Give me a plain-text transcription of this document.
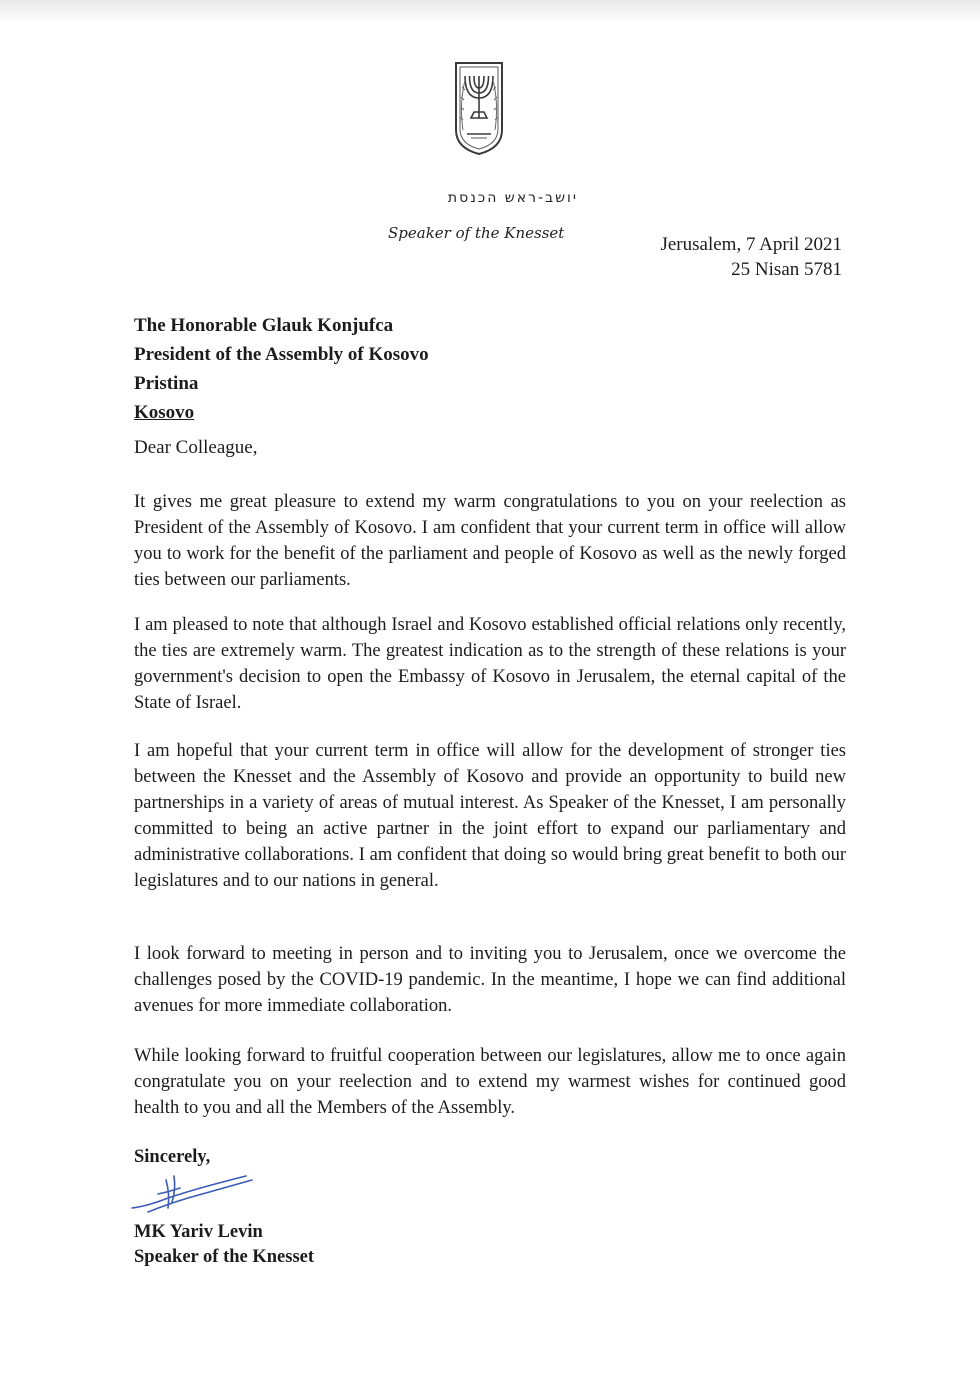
יושב-ראש הכנסת
Speaker of the Knesset
Jerusalem, 7 April 2021
25 Nisan 5781
The Honorable Glauk Konjufca
President of the Assembly of Kosovo
Pristina
Kosovo
Dear Colleague,

It gives me great pleasure to extend my warm congratulations to you on your reelection as President of the Assembly of Kosovo. I am confident that your current term in office will allow you to work for the benefit of the parliament and people of Kosovo as well as the newly forged ties between our parliaments.

I am pleased to note that although Israel and Kosovo established official relations only recently, the ties are extremely warm. The greatest indication as to the strength of these relations is your government's decision to open the Embassy of Kosovo in Jerusalem, the eternal capital of the State of Israel.

I am hopeful that your current term in office will allow for the development of stronger ties between the Knesset and the Assembly of Kosovo and provide an opportunity to build new partnerships in a variety of areas of mutual interest. As Speaker of the Knesset, I am personally committed to being an active partner in the joint effort to expand our parliamentary and administrative collaborations. I am confident that doing so would bring great benefit to both our legislatures and to our nations in general.

I look forward to meeting in person and to inviting you to Jerusalem, once we overcome the challenges posed by the COVID-19 pandemic. In the meantime, I hope we can find additional avenues for more immediate collaboration.

While looking forward to fruitful cooperation between our legislatures, allow me to once again congratulate you on your reelection and to extend my warmest wishes for continued good health to you and all the Members of the Assembly.

Sincerely,
MK Yariv Levin
Speaker of the Knesset
